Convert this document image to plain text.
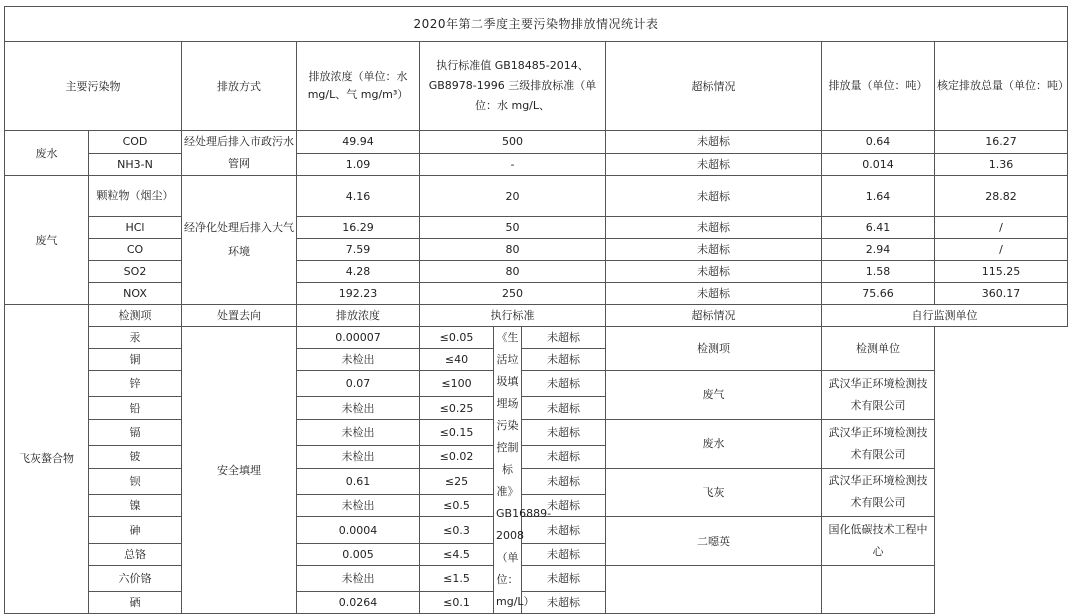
2020年第二季度主要污染物排放情况统计表									
主要污染物		排放方式	排放浓度（单位：水 mg/L、气 mg/m³）	执行标准值 GB18485-2014、GB8978-1996 三级排放标准（单位：水 mg/L、			超标情况	排放量（单位：吨）	核定排放总量（单位：吨）
废水	COD	经处理后排入市政污水管网	49.94	500			未超标	0.64	16.27
	NH3-N		1.09	-			未超标	0.014	1.36
废气	颗粒物（烟尘）	经净化处理后排入大气环境	4.16	20			未超标	1.64	28.82
	HCl		16.29	50			未超标	6.41	/
	CO		7.59	80			未超标	2.94	/
	SO2		4.28	80			未超标	1.58	115.25
	NOX		192.23	250			未超标	75.66	360.17
飞灰螯合物	检测项	处置去向	排放浓度	执行标准			超标情况	自行监测单位	
	汞	安全填埋	0.00007	≤0.05	《生活垃圾填埋场污染控制标准》GB16889-2008（单位：mg/L）	未超标	检测项	检测单位	
	铜		未检出	≤40		未超标			
	锌		0.07	≤100		未超标	废气	武汉华正环境检测技术有限公司	
	铅		未检出	≤0.25		未超标			
	镉		未检出	≤0.15		未超标	废水	武汉华正环境检测技术有限公司	
	铍		未检出	≤0.02		未超标			
	钡		0.61	≤25		未超标	飞灰	武汉华正环境检测技术有限公司	
	镍		未检出	≤0.5		未超标			
	砷		0.0004	≤0.3		未超标	二噁英	国化低碳技术工程中心	
	总铬		0.005	≤4.5		未超标			
	六价铬		未检出	≤1.5		未超标			
	硒		0.0264	≤0.1		未超标			
